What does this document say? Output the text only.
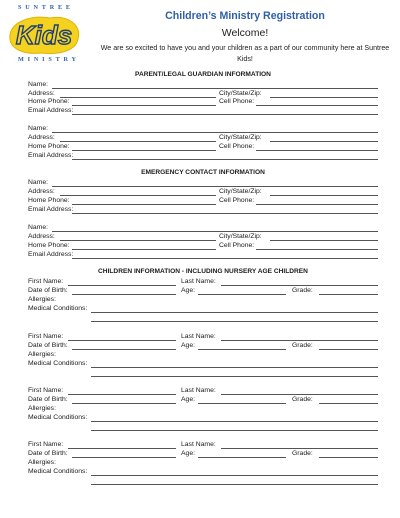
SUNTREE
Kids
MINISTRY
Children’s Ministry Registration
Welcome!
We are so excited to have you and your children as a part of our community here at Suntree Kids!
PARENT/LEGAL GUARDIAN INFORMATION
Name:
Address:	City/State/Zip:
Home Phone:	Cell Phone:
Email Address:
Name:
Address:	City/State/Zip:
Home Phone:	Cell Phone:
Email Address:
EMERGENCY CONTACT INFORMATION
Name:
Address:	City/State/Zip:
Home Phone:	Cell Phone:
Email Address:
Name:
Address:	City/State/Zip:
Home Phone:	Cell Phone:
Email Address:
CHILDREN INFORMATION - INCLUDING NURSERY AGE CHILDREN
First Name:	Last Name:
Date of Birth:	Age:	Grade:
Allergies:
Medical Conditions:
First Name:	Last Name:
Date of Birth:	Age:	Grade:
Allergies:
Medical Conditions:
First Name:	Last Name:
Date of Birth:	Age:	Grade:
Allergies:
Medical Conditions:
First Name:	Last Name:
Date of Birth:	Age:	Grade:
Allergies:
Medical Conditions:
